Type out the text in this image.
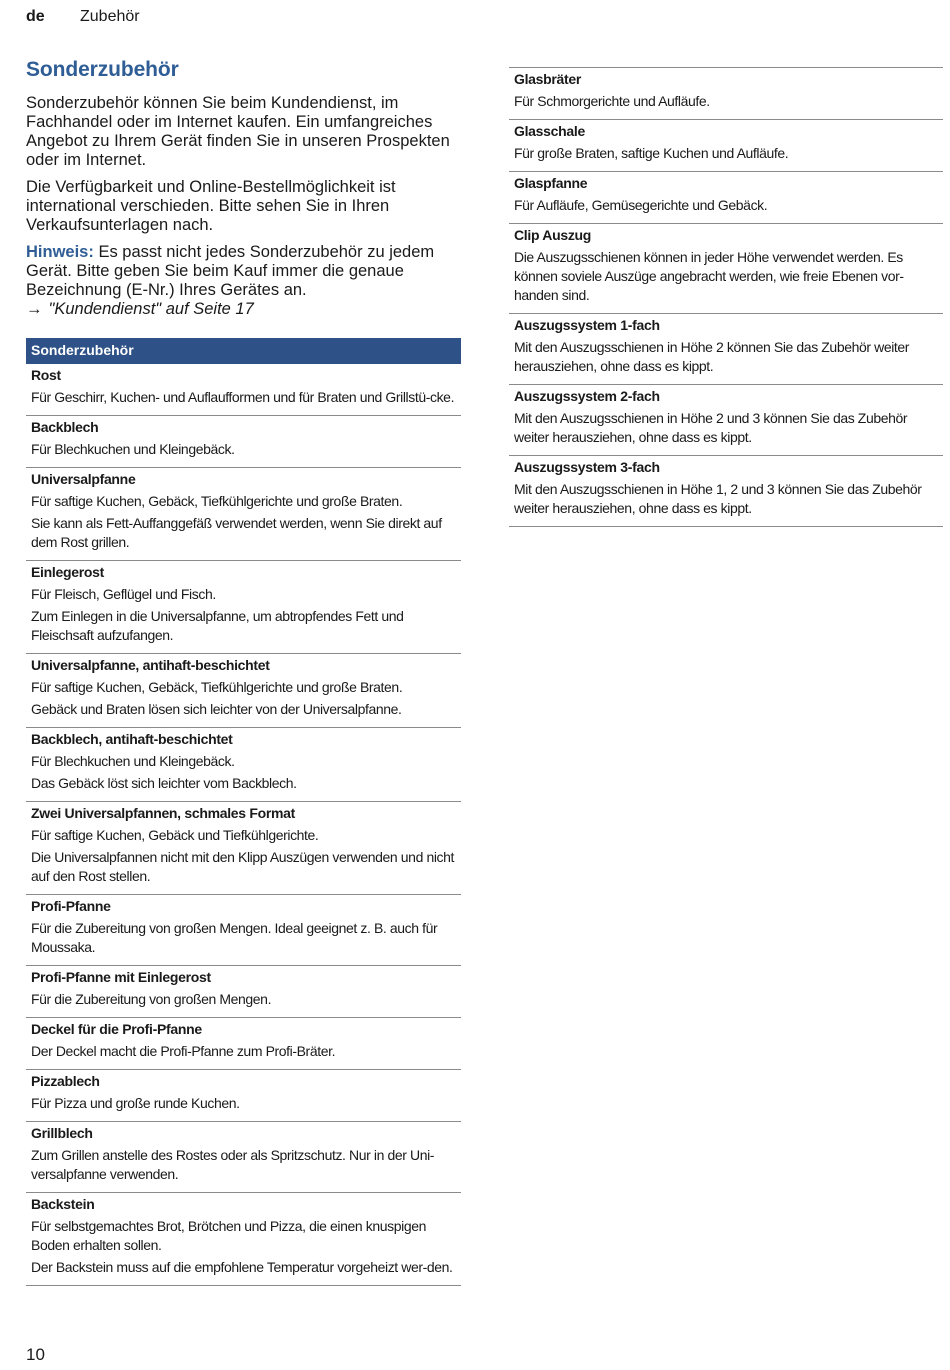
de Zubehör
Sonderzubehör

Sonderzubehör können Sie beim Kundendienst, im Fachhandel oder im Internet kaufen. Ein umfangreiches Angebot zu Ihrem Gerät finden Sie in unseren Prospekten oder im Internet.

Die Verfügbarkeit und Online-Bestellmöglichkeit ist international verschieden. Bitte sehen Sie in Ihren Verkaufsunterlagen nach.

Hinweis: Es passt nicht jedes Sonderzubehör zu jedem Gerät. Bitte geben Sie beim Kauf immer die genaue Bezeichnung (E-Nr.) Ihres Gerätes an.
→ "Kundendienst" auf Seite 17

Sonderzubehör
Rost
Für Geschirr, Kuchen- und Auflaufformen und für Braten und Grillstü-cke.
Backblech
Für Blechkuchen und Kleingebäck.
Universalpfanne
Für saftige Kuchen, Gebäck, Tiefkühlgerichte und große Braten.
Sie kann als Fett-Auffanggefäß verwendet werden, wenn Sie direkt auf dem Rost grillen.
Einlegerost
Für Fleisch, Geflügel und Fisch.
Zum Einlegen in die Universalpfanne, um abtropfendes Fett und Fleischsaft aufzufangen.
Universalpfanne, antihaft-beschichtet
Für saftige Kuchen, Gebäck, Tiefkühlgerichte und große Braten.
Gebäck und Braten lösen sich leichter von der Universalpfanne.
Backblech, antihaft-beschichtet
Für Blechkuchen und Kleingebäck.
Das Gebäck löst sich leichter vom Backblech.
Zwei Universalpfannen, schmales Format
Für saftige Kuchen, Gebäck und Tiefkühlgerichte.
Die Universalpfannen nicht mit den Klipp Auszügen verwenden und nicht auf den Rost stellen.
Profi-Pfanne
Für die Zubereitung von großen Mengen. Ideal geeignet z. B. auch für Moussaka.
Profi-Pfanne mit Einlegerost
Für die Zubereitung von großen Mengen.
Deckel für die Profi-Pfanne
Der Deckel macht die Profi-Pfanne zum Profi-Bräter.
Pizzablech
Für Pizza und große runde Kuchen.
Grillblech
Zum Grillen anstelle des Rostes oder als Spritzschutz. Nur in der Uni-versalpfanne verwenden.
Backstein
Für selbstgemachtes Brot, Brötchen und Pizza, die einen knuspigen Boden erhalten sollen.
Der Backstein muss auf die empfohlene Temperatur vorgeheizt wer-den.
Glasbräter
Für Schmorgerichte und Aufläufe.
Glasschale
Für große Braten, saftige Kuchen und Aufläufe.
Glaspfanne
Für Aufläufe, Gemüsegerichte und Gebäck.
Clip Auszug
Die Auszugsschienen können in jeder Höhe verwendet werden. Es können soviele Auszüge angebracht werden, wie freie Ebenen vor-handen sind.
Auszugssystem 1-fach
Mit den Auszugsschienen in Höhe 2 können Sie das Zubehör weiter herausziehen, ohne dass es kippt.
Auszugssystem 2-fach
Mit den Auszugsschienen in Höhe 2 und 3 können Sie das Zubehör weiter herausziehen, ohne dass es kippt.
Auszugssystem 3-fach
Mit den Auszugsschienen in Höhe 1, 2 und 3 können Sie das Zubehör weiter herausziehen, ohne dass es kippt.
10
